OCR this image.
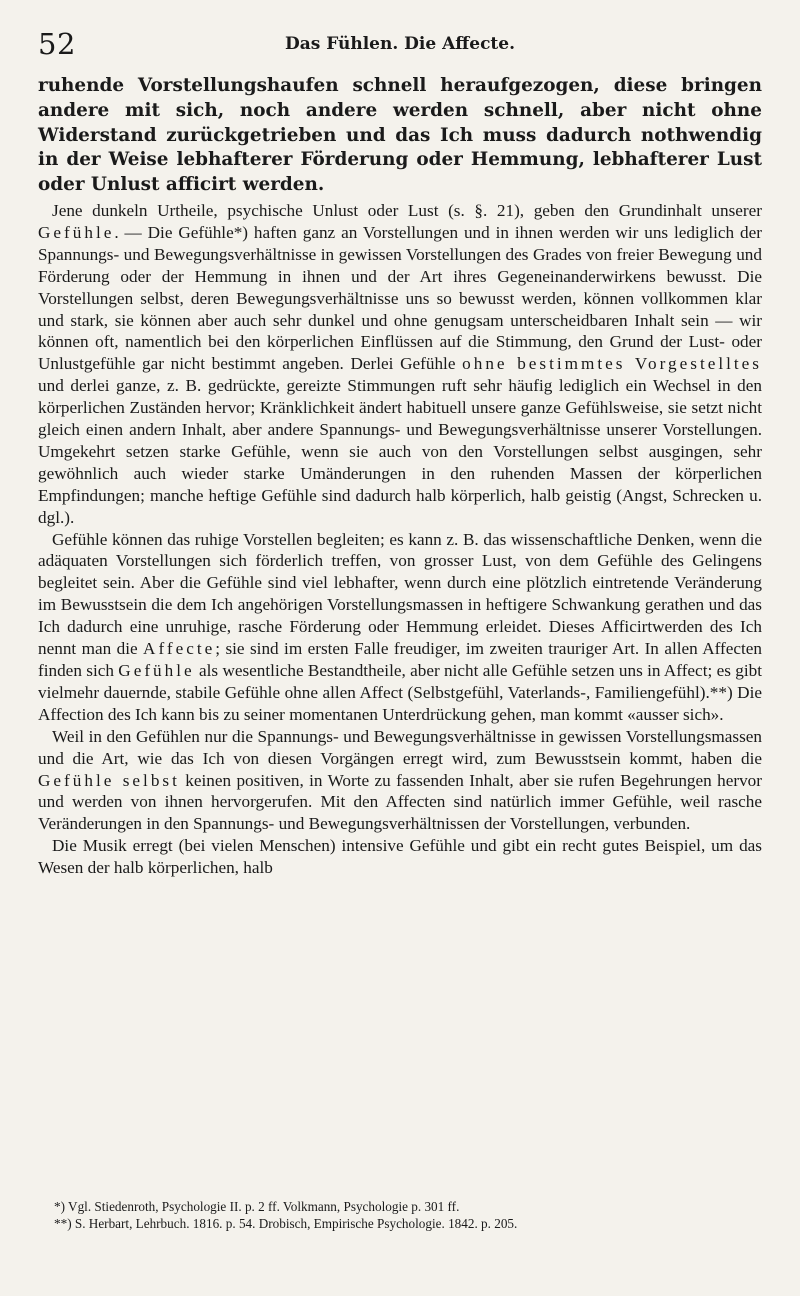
52	Das Fühlen. Die Affecte.

ruhende Vorstellungshaufen schnell heraufgezogen, diese bringen andere mit sich, noch andere werden schnell, aber nicht ohne Widerstand zurückgetrieben und das Ich muss dadurch nothwendig in der Weise lebhafterer Förderung oder Hemmung, lebhafterer Lust oder Unlust afficirt werden.

Jene dunkeln Urtheile, psychische Unlust oder Lust (s. §. 21), geben den Grundinhalt unserer Gefühle. — Die Gefühle*) haften ganz an Vorstellungen und in ihnen werden wir uns lediglich der Spannungs- und Bewegungsverhältnisse in gewissen Vorstellungen des Grades von freier Bewegung und Förderung oder der Hemmung in ihnen und der Art ihres Gegeneinanderwirkens bewusst. Die Vorstellungen selbst, deren Bewegungsverhältnisse uns so bewusst werden, können vollkommen klar und stark, sie können aber auch sehr dunkel und ohne genugsam unterscheidbaren Inhalt sein — wir können oft, namentlich bei den körperlichen Einflüssen auf die Stimmung, den Grund der Lust- oder Unlustgefühle gar nicht bestimmt angeben. Derlei Gefühle ohne bestimmtes Vorgestelltes und derlei ganze, z. B. gedrückte, gereizte Stimmungen ruft sehr häufig lediglich ein Wechsel in den körperlichen Zuständen hervor; Kränklichkeit ändert habituell unsere ganze Gefühlsweise, sie setzt nicht gleich einen andern Inhalt, aber andere Spannungs- und Bewegungsverhältnisse unserer Vorstellungen. Umgekehrt setzen starke Gefühle, wenn sie auch von den Vorstellungen selbst ausgingen, sehr gewöhnlich auch wieder starke Umänderungen in den ruhenden Massen der körperlichen Empfindungen; manche heftige Gefühle sind dadurch halb körperlich, halb geistig (Angst, Schrecken u. dgl.).

Gefühle können das ruhige Vorstellen begleiten; es kann z. B. das wissenschaftliche Denken, wenn die adäquaten Vorstellungen sich förderlich treffen, von grosser Lust, von dem Gefühle des Gelingens begleitet sein. Aber die Gefühle sind viel lebhafter, wenn durch eine plötzlich eintretende Veränderung im Bewusstsein die dem Ich angehörigen Vorstellungsmassen in heftigere Schwankung gerathen und das Ich dadurch eine unruhige, rasche Förderung oder Hemmung erleidet. Dieses Afficirtwerden des Ich nennt man die Affecte; sie sind im ersten Falle freudiger, im zweiten trauriger Art. In allen Affecten finden sich Gefühle als wesentliche Bestandtheile, aber nicht alle Gefühle setzen uns in Affect; es gibt vielmehr dauernde, stabile Gefühle ohne allen Affect (Selbstgefühl, Vaterlands-, Familiengefühl).**) Die Affection des Ich kann bis zu seiner momentanen Unterdrückung gehen, man kommt «ausser sich».

Weil in den Gefühlen nur die Spannungs- und Bewegungsverhältnisse in gewissen Vorstellungsmassen und die Art, wie das Ich von diesen Vorgängen erregt wird, zum Bewusstsein kommt, haben die Gefühle selbst keinen positiven, in Worte zu fassenden Inhalt, aber sie rufen Begehrungen hervor und werden von ihnen hervorgerufen. Mit den Affecten sind natürlich immer Gefühle, weil rasche Veränderungen in den Spannungs- und Bewegungsverhältnissen der Vorstellungen, verbunden.

Die Musik erregt (bei vielen Menschen) intensive Gefühle und gibt ein recht gutes Beispiel, um das Wesen der halb körperlichen, halb

*) Vgl. Stiedenroth, Psychologie II. p. 2 ff. Volkmann, Psychologie p. 301 ff.

**) S. Herbart, Lehrbuch. 1816. p. 54. Drobisch, Empirische Psychologie. 1842. p. 205.
